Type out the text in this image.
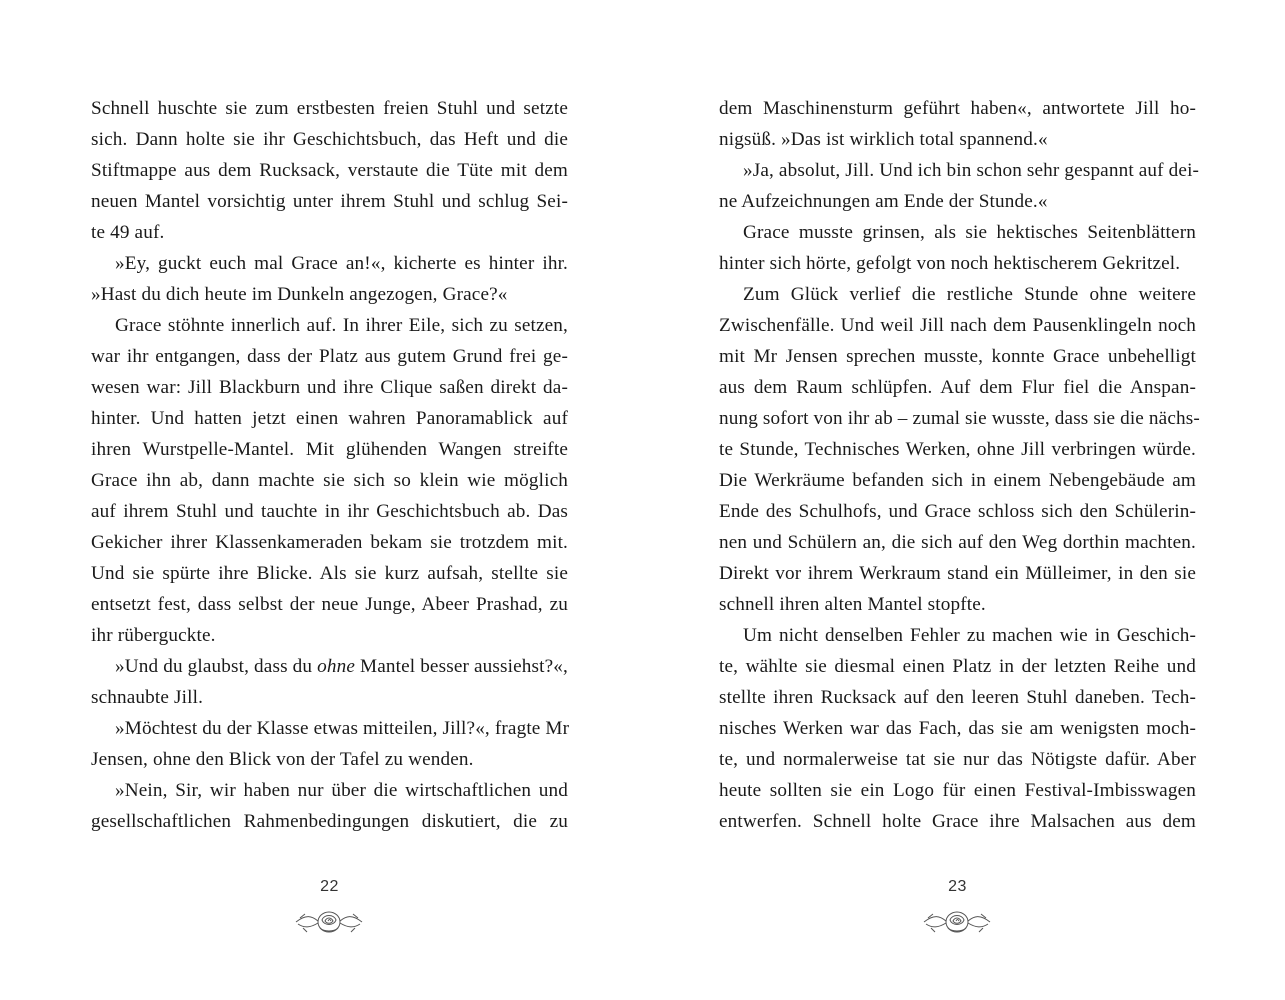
Schnell huschte sie zum erstbesten freien Stuhl und setzte
sich. Dann holte sie ihr Geschichtsbuch, das Heft und die
Stiftmappe aus dem Rucksack, verstaute die Tüte mit dem
neuen Mantel vorsichtig unter ihrem Stuhl und schlug Sei-
te 49 auf.
»Ey, guckt euch mal Grace an!«, kicherte es hinter ihr.
»Hast du dich heute im Dunkeln angezogen, Grace?«
Grace stöhnte innerlich auf. In ihrer Eile, sich zu setzen,
war ihr entgangen, dass der Platz aus gutem Grund frei ge-
wesen war: Jill Blackburn und ihre Clique saßen direkt da-
hinter. Und hatten jetzt einen wahren Panoramablick auf
ihren Wurstpelle-Mantel. Mit glühenden Wangen streifte
Grace ihn ab, dann machte sie sich so klein wie möglich
auf ihrem Stuhl und tauchte in ihr Geschichtsbuch ab. Das
Gekicher ihrer Klassenkameraden bekam sie trotzdem mit.
Und sie spürte ihre Blicke. Als sie kurz aufsah, stellte sie
entsetzt fest, dass selbst der neue Junge, Abeer Prashad, zu
ihr rüberguckte.
»Und du glaubst, dass du ohne Mantel besser aussiehst?«,
schnaubte Jill.
»Möchtest du der Klasse etwas mitteilen, Jill?«, fragte Mr
Jensen, ohne den Blick von der Tafel zu wenden.
»Nein, Sir, wir haben nur über die wirtschaftlichen und
gesellschaftlichen Rahmenbedingungen diskutiert, die zu
dem Maschinensturm geführt haben«, antwortete Jill ho-
nigsüß. »Das ist wirklich total spannend.«
»Ja, absolut, Jill. Und ich bin schon sehr gespannt auf dei-
ne Aufzeichnungen am Ende der Stunde.«
Grace musste grinsen, als sie hektisches Seitenblättern
hinter sich hörte, gefolgt von noch hektischerem Gekritzel.
Zum Glück verlief die restliche Stunde ohne weitere
Zwischenfälle. Und weil Jill nach dem Pausenklingeln noch
mit Mr Jensen sprechen musste, konnte Grace unbehelligt
aus dem Raum schlüpfen. Auf dem Flur fiel die Anspan-
nung sofort von ihr ab – zumal sie wusste, dass sie die nächs-
te Stunde, Technisches Werken, ohne Jill verbringen würde.
Die Werkräume befanden sich in einem Nebengebäude am
Ende des Schulhofs, und Grace schloss sich den Schülerin-
nen und Schülern an, die sich auf den Weg dorthin machten.
Direkt vor ihrem Werkraum stand ein Mülleimer, in den sie
schnell ihren alten Mantel stopfte.
Um nicht denselben Fehler zu machen wie in Geschich-
te, wählte sie diesmal einen Platz in der letzten Reihe und
stellte ihren Rucksack auf den leeren Stuhl daneben. Tech-
nisches Werken war das Fach, das sie am wenigsten moch-
te, und normalerweise tat sie nur das Nötigste dafür. Aber
heute sollten sie ein Logo für einen Festival-Imbisswagen
entwerfen. Schnell holte Grace ihre Malsachen aus dem
22	23
